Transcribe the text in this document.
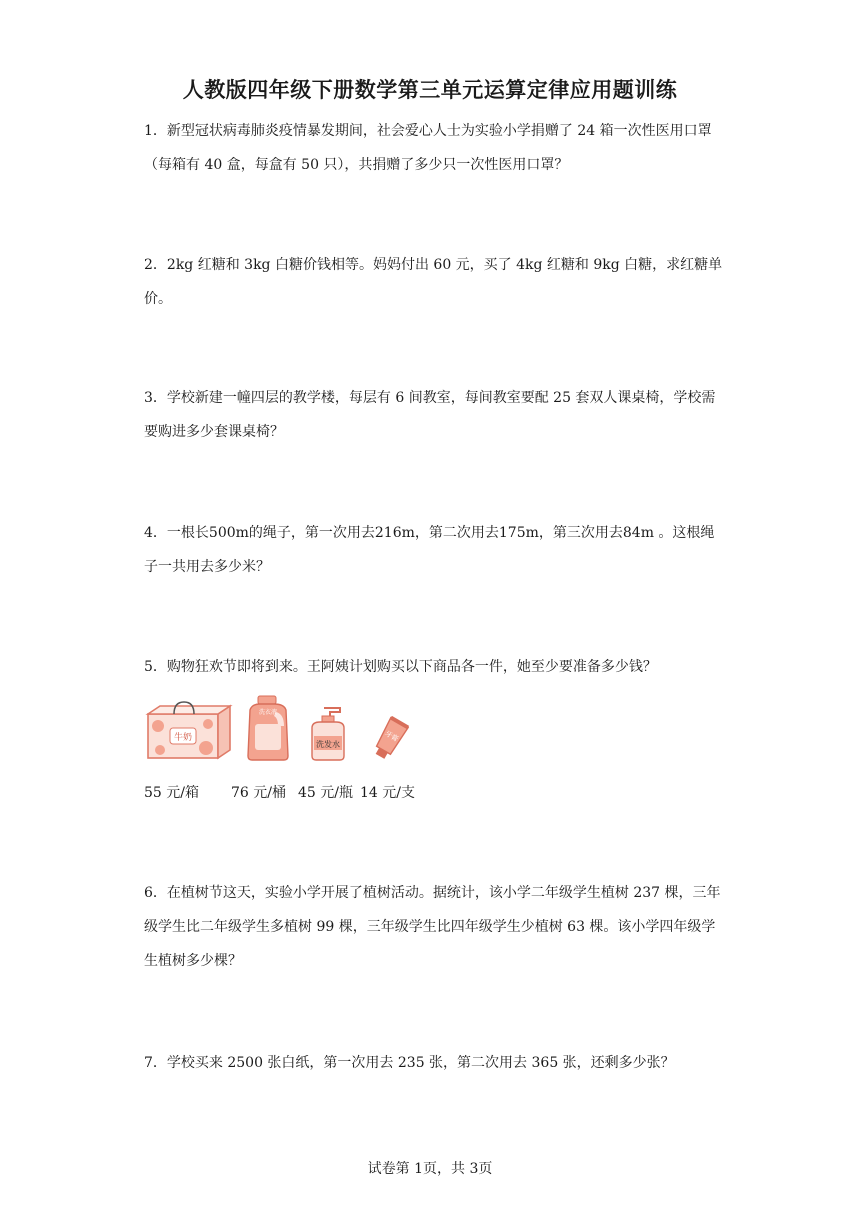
人教版四年级下册数学第三单元运算定律应用题训练
1．新型冠状病毒肺炎疫情暴发期间，社会爱心人士为实验小学捐赠了 24 箱一次性医用口罩（每箱有 40 盒，每盒有 50 只），共捐赠了多少只一次性医用口罩？
2．2kg 红糖和 3kg 白糖价钱相等。妈妈付出 60 元，买了 4kg 红糖和 9kg 白糖，求红糖单价。
3．学校新建一幢四层的教学楼，每层有 6 间教室，每间教室要配 25 套双人课桌椅，学校需要购进多少套课桌椅？
4．一根长500m的绳子，第一次用去216m，第二次用去175m，第三次用去84m 。这根绳子一共用去多少米？
5．购物狂欢节即将到来。王阿姨计划购买以下商品各一件，她至少要准备多少钱？
牛奶
洗衣液
洗发水
牙膏
55 元/箱 76 元/桶 45 元/瓶 14 元/支
6．在植树节这天，实验小学开展了植树活动。据统计，该小学二年级学生植树 237 棵，三年级学生比二年级学生多植树 99 棵，三年级学生比四年级学生少植树 63 棵。该小学四年级学生植树多少棵？
7．学校买来 2500 张白纸，第一次用去 235 张，第二次用去 365 张，还剩多少张？
试卷第 1页，共 3页
